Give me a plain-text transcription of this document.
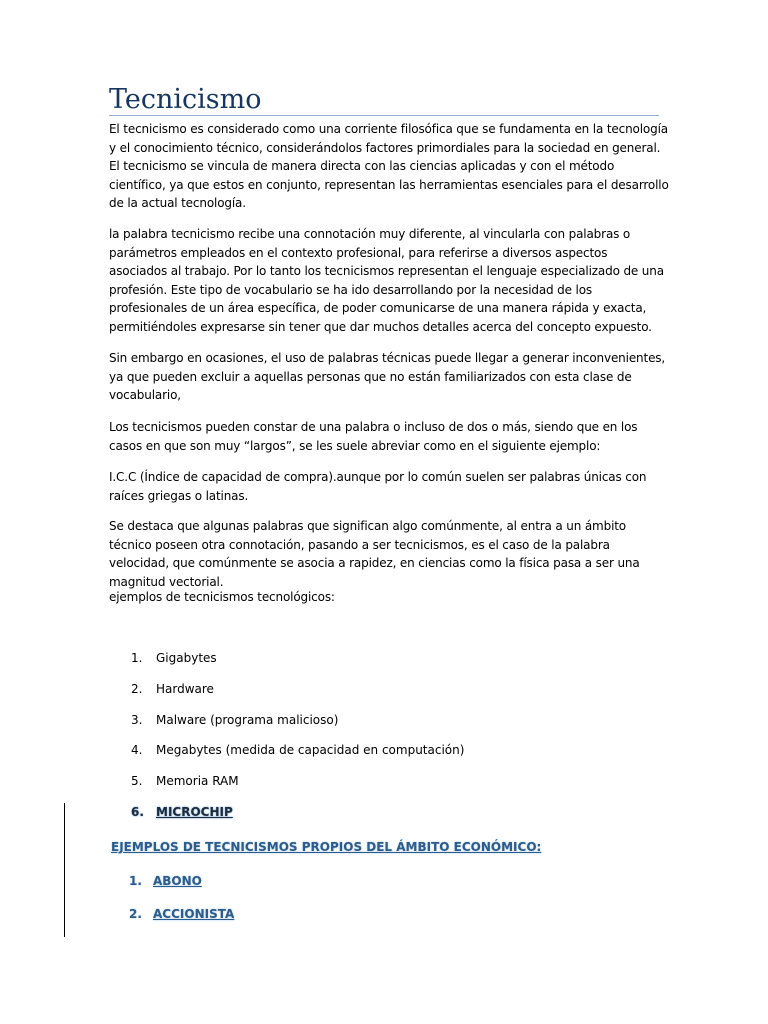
Tecnicismo

El tecnicismo es considerado como una corriente filosófica que se fundamenta en la tecnología y el conocimiento técnico, considerándolos factores primordiales para la sociedad en general. El tecnicismo se vincula de manera directa con las ciencias aplicadas y con el método científico, ya que estos en conjunto, representan las herramientas esenciales para el desarrollo de la actual tecnología.

la palabra tecnicismo recibe una connotación muy diferente, al vincularla con palabras o parámetros empleados en el contexto profesional, para referirse a diversos aspectos asociados al trabajo. Por lo tanto los tecnicismos representan el lenguaje especializado de una profesión. Este tipo de vocabulario se ha ido desarrollando por la necesidad de los profesionales de un área específica, de poder comunicarse de una manera rápida y exacta, permitiéndoles expresarse sin tener que dar muchos detalles acerca del concepto expuesto.

Sin embargo en ocasiones, el uso de palabras técnicas puede llegar a generar inconvenientes, ya que pueden excluir a aquellas personas que no están familiarizados con esta clase de vocabulario,

Los tecnicismos pueden constar de una palabra o incluso de dos o más, siendo que en los casos en que son muy “largos”, se les suele abreviar como en el siguiente ejemplo:

I.C.C (Índice de capacidad de compra).aunque por lo común suelen ser palabras únicas con raíces griegas o latinas.

Se destaca que algunas palabras que significan algo comúnmente, al entra a un ámbito técnico poseen otra connotación, pasando a ser tecnicismos, es el caso de la palabra velocidad, que comúnmente se asocia a rapidez, en ciencias como la física pasa a ser una magnitud vectorial.

ejemplos de tecnicismos tecnológicos:

1. Gigabytes
2. Hardware
3. Malware (programa malicioso)
4. Megabytes (medida de capacidad en computación)
5. Memoria RAM
6. MICROCHIP
EJEMPLOS DE TECNICISMOS PROPIOS DEL ÁMBITO ECONÓMICO:
1. ABONO
2. ACCIONISTA
